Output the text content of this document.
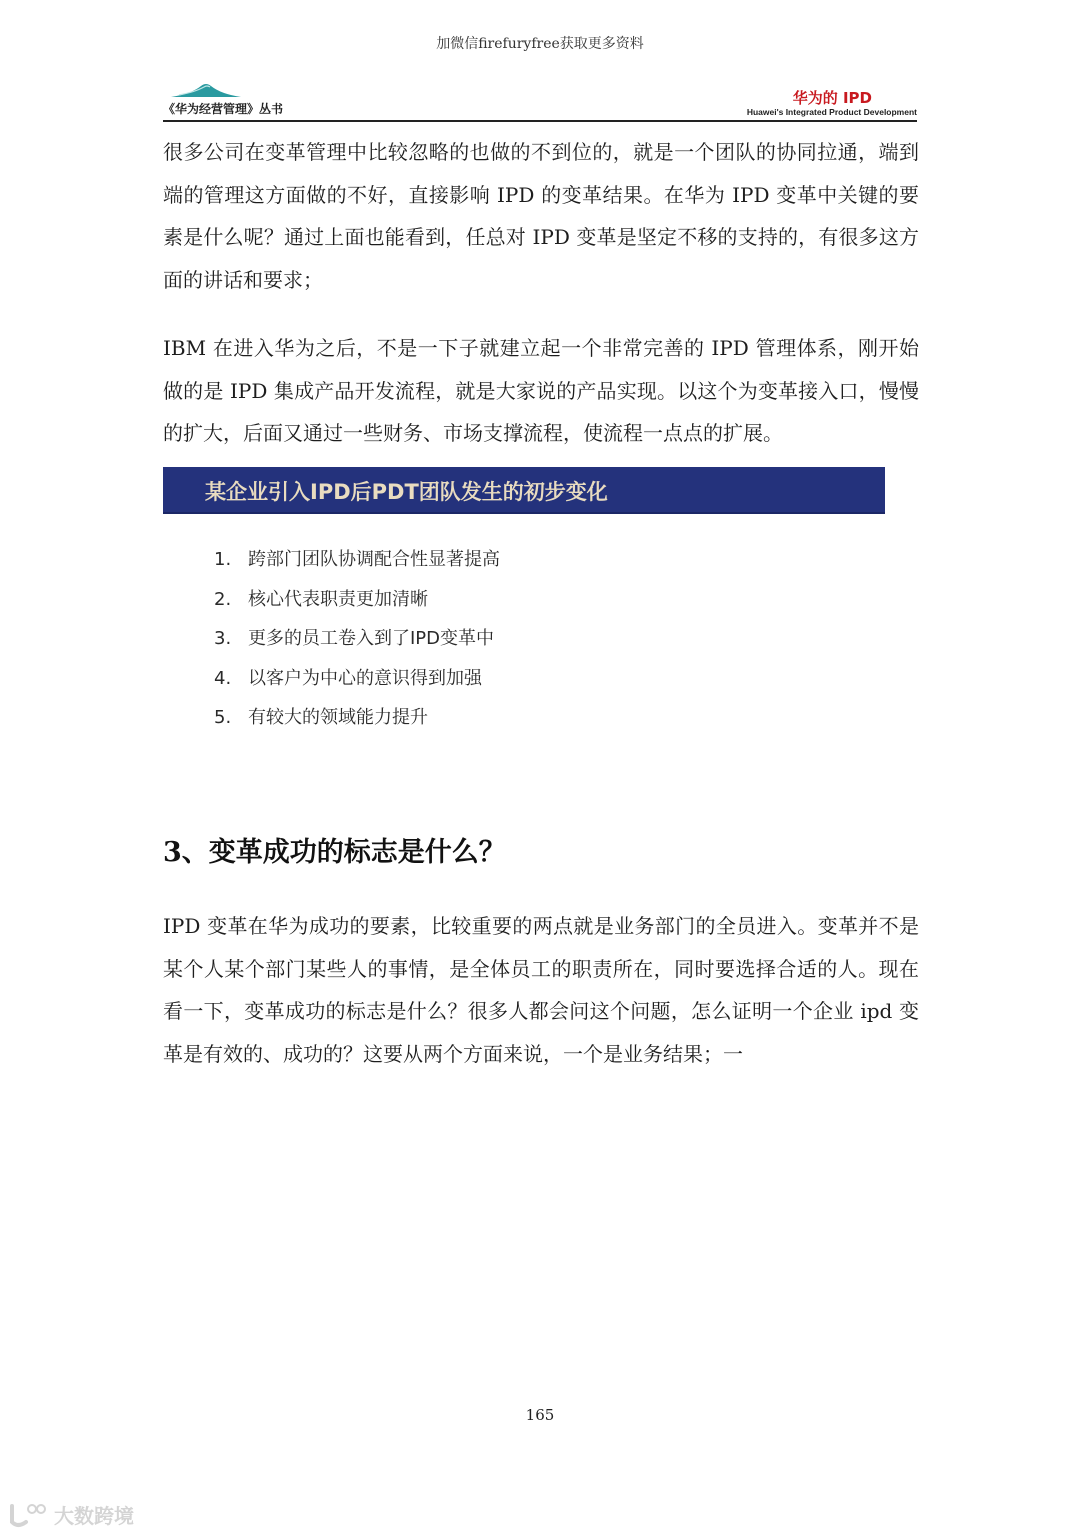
加微信firefuryfree获取更多资料
《华为经营管理》丛书
华为的 IPD
Huawei's Integrated Product Development

很多公司在变革管理中比较忽略的也做的不到位的，就是一个团队的协同拉通，端到端的管理这方面做的不好，直接影响 IPD 的变革结果。在华为 IPD 变革中关键的要素是什么呢？通过上面也能看到，任总对 IPD 变革是坚定不移的支持的，有很多这方面的讲话和要求；

IBM 在进入华为之后，不是一下子就建立起一个非常完善的 IPD 管理体系，刚开始做的是 IPD 集成产品开发流程，就是大家说的产品实现。以这个为变革接入口，慢慢的扩大，后面又通过一些财务、市场支撑流程，使流程一点点的扩展。

某企业引入IPD后PDT团队发生的初步变化
1. 跨部门团队协调配合性显著提高
2. 核心代表职责更加清晰
3. 更多的员工卷入到了IPD变革中
4. 以客户为中心的意识得到加强
5. 有较大的领域能力提升
3、变革成功的标志是什么？

IPD 变革在华为成功的要素，比较重要的两点就是业务部门的全员进入。变革并不是某个人某个部门某些人的事情，是全体员工的职责所在，同时要选择合适的人。现在看一下，变革成功的标志是什么？很多人都会问这个问题，怎么证明一个企业 ipd 变革是有效的、成功的？这要从两个方面来说，一个是业务结果；一

165
大数跨境
